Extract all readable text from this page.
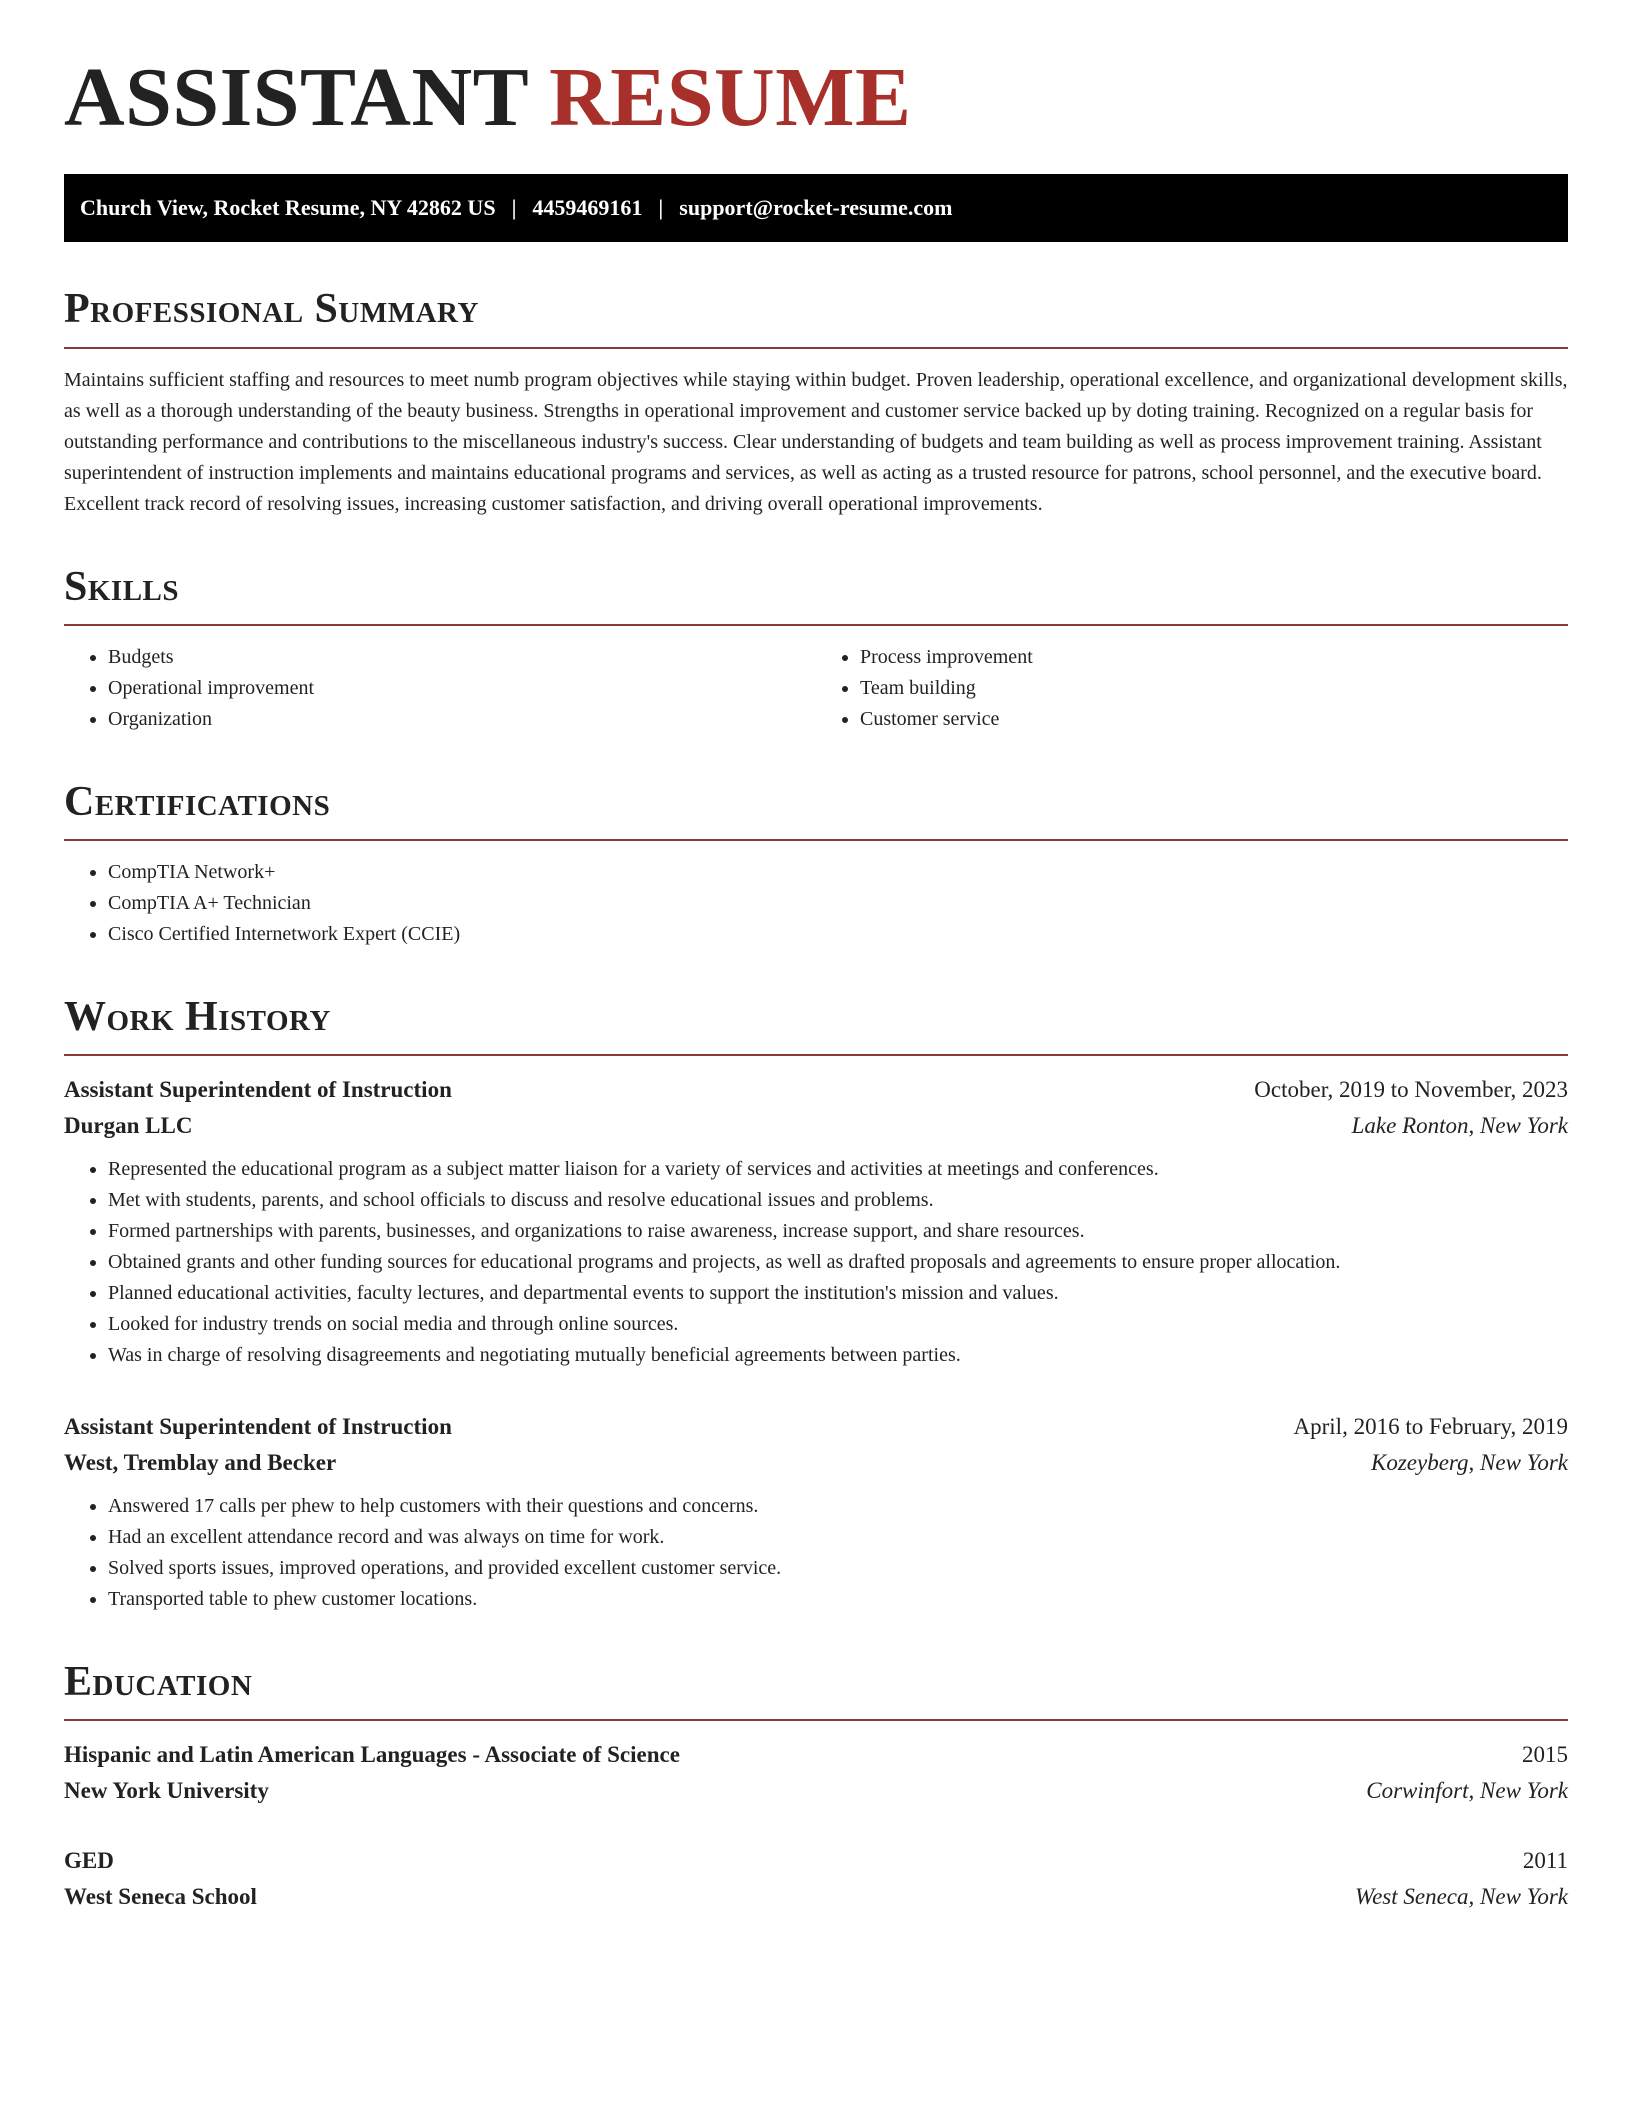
ASSISTANT RESUME
Church View, Rocket Resume, NY 42862 US | 4459469161 | support@rocket-resume.com
Professional Summary

Maintains sufficient staffing and resources to meet numb program objectives while staying within budget. Proven leadership, operational excellence, and organizational development skills, as well as a thorough understanding of the beauty business. Strengths in operational improvement and customer service backed up by doting training. Recognized on a regular basis for outstanding performance and contributions to the miscellaneous industry's success. Clear understanding of budgets and team building as well as process improvement training. Assistant superintendent of instruction implements and maintains educational programs and services, as well as acting as a trusted resource for patrons, school personnel, and the executive board. Excellent track record of resolving issues, increasing customer satisfaction, and driving overall operational improvements.

Skills
• Budgets
• Operational improvement
• Organization
• Process improvement
• Team building
• Customer service
Certifications
• CompTIA Network+
• CompTIA A+ Technician
• Cisco Certified Internetwork Expert (CCIE)
Work History
Assistant Superintendent of Instruction	October, 2019 to November, 2023
Durgan LLC	Lake Ronton, New York
• Represented the educational program as a subject matter liaison for a variety of services and activities at meetings and conferences.
• Met with students, parents, and school officials to discuss and resolve educational issues and problems.
• Formed partnerships with parents, businesses, and organizations to raise awareness, increase support, and share resources.
• Obtained grants and other funding sources for educational programs and projects, as well as drafted proposals and agreements to ensure proper allocation.
• Planned educational activities, faculty lectures, and departmental events to support the institution's mission and values.
• Looked for industry trends on social media and through online sources.
• Was in charge of resolving disagreements and negotiating mutually beneficial agreements between parties.
Assistant Superintendent of Instruction	April, 2016 to February, 2019
West, Tremblay and Becker	Kozeyberg, New York
• Answered 17 calls per phew to help customers with their questions and concerns.
• Had an excellent attendance record and was always on time for work.
• Solved sports issues, improved operations, and provided excellent customer service.
• Transported table to phew customer locations.
Education
Hispanic and Latin American Languages - Associate of Science	2015
New York University	Corwinfort, New York
GED	2011
West Seneca School	West Seneca, New York
